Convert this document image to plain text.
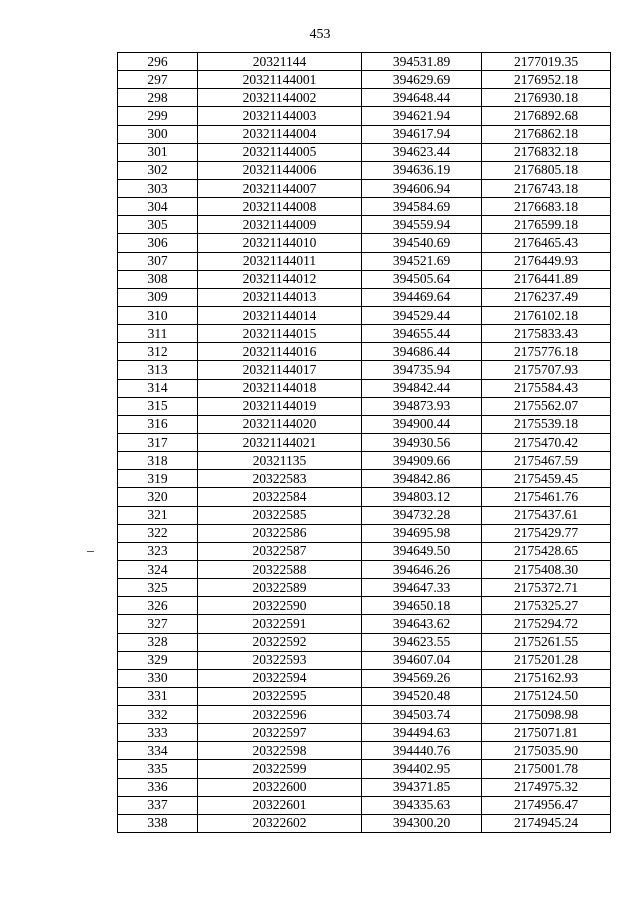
453
296	20321144	394531.89	2177019.35
297	20321144001	394629.69	2176952.18
298	20321144002	394648.44	2176930.18
299	20321144003	394621.94	2176892.68
300	20321144004	394617.94	2176862.18
301	20321144005	394623.44	2176832.18
302	20321144006	394636.19	2176805.18
303	20321144007	394606.94	2176743.18
304	20321144008	394584.69	2176683.18
305	20321144009	394559.94	2176599.18
306	20321144010	394540.69	2176465.43
307	20321144011	394521.69	2176449.93
308	20321144012	394505.64	2176441.89
309	20321144013	394469.64	2176237.49
310	20321144014	394529.44	2176102.18
311	20321144015	394655.44	2175833.43
312	20321144016	394686.44	2175776.18
313	20321144017	394735.94	2175707.93
314	20321144018	394842.44	2175584.43
315	20321144019	394873.93	2175562.07
316	20321144020	394900.44	2175539.18
317	20321144021	394930.56	2175470.42
318	20321135	394909.66	2175467.59
319	20322583	394842.86	2175459.45
320	20322584	394803.12	2175461.76
321	20322585	394732.28	2175437.61
322	20322586	394695.98	2175429.77
323	20322587	394649.50	2175428.65
324	20322588	394646.26	2175408.30
325	20322589	394647.33	2175372.71
326	20322590	394650.18	2175325.27
327	20322591	394643.62	2175294.72
328	20322592	394623.55	2175261.55
329	20322593	394607.04	2175201.28
330	20322594	394569.26	2175162.93
331	20322595	394520.48	2175124.50
332	20322596	394503.74	2175098.98
333	20322597	394494.63	2175071.81
334	20322598	394440.76	2175035.90
335	20322599	394402.95	2175001.78
336	20322600	394371.85	2174975.32
337	20322601	394335.63	2174956.47
338	20322602	394300.20	2174945.24
